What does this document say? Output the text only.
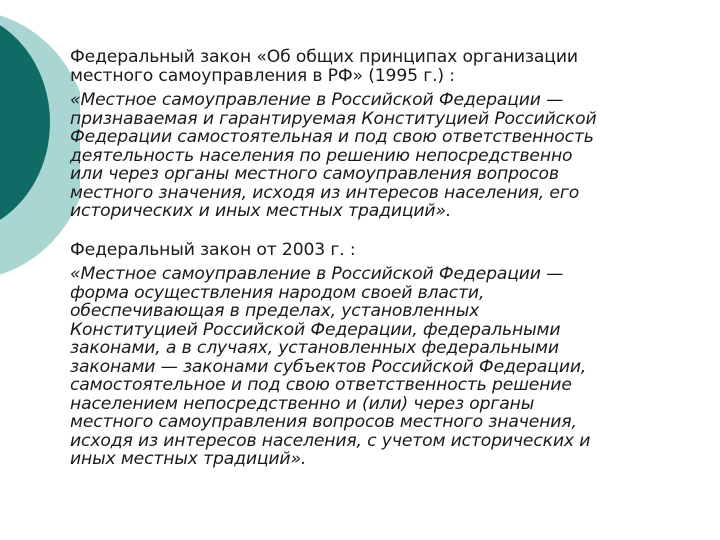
Федеральный закон «Об общих принципах организации
местного самоуправления в РФ» (1995 г.) :

«Местное самоуправление в Российской Федерации —
признаваемая и гарантируемая Конституцией Российской
Федерации самостоятельная и под свою ответственность
деятельность населения по решению непосредственно
или через органы местного самоуправления вопросов
местного значения, исходя из интересов населения, его
исторических и иных местных традиций».

Федеральный закон от 2003 г. :

«Местное самоуправление в Российской Федерации —
форма осуществления народом своей власти,
обеспечивающая в пределах, установленных
Конституцией Российской Федерации, федеральными
законами, а в случаях, установленных федеральными
законами — законами субъектов Российской Федерации,
самостоятельное и под свою ответственность решение
населением непосредственно и (или) через органы
местного самоуправления вопросов местного значения,
исходя из интересов населения, с учетом исторических и
иных местных традиций».
